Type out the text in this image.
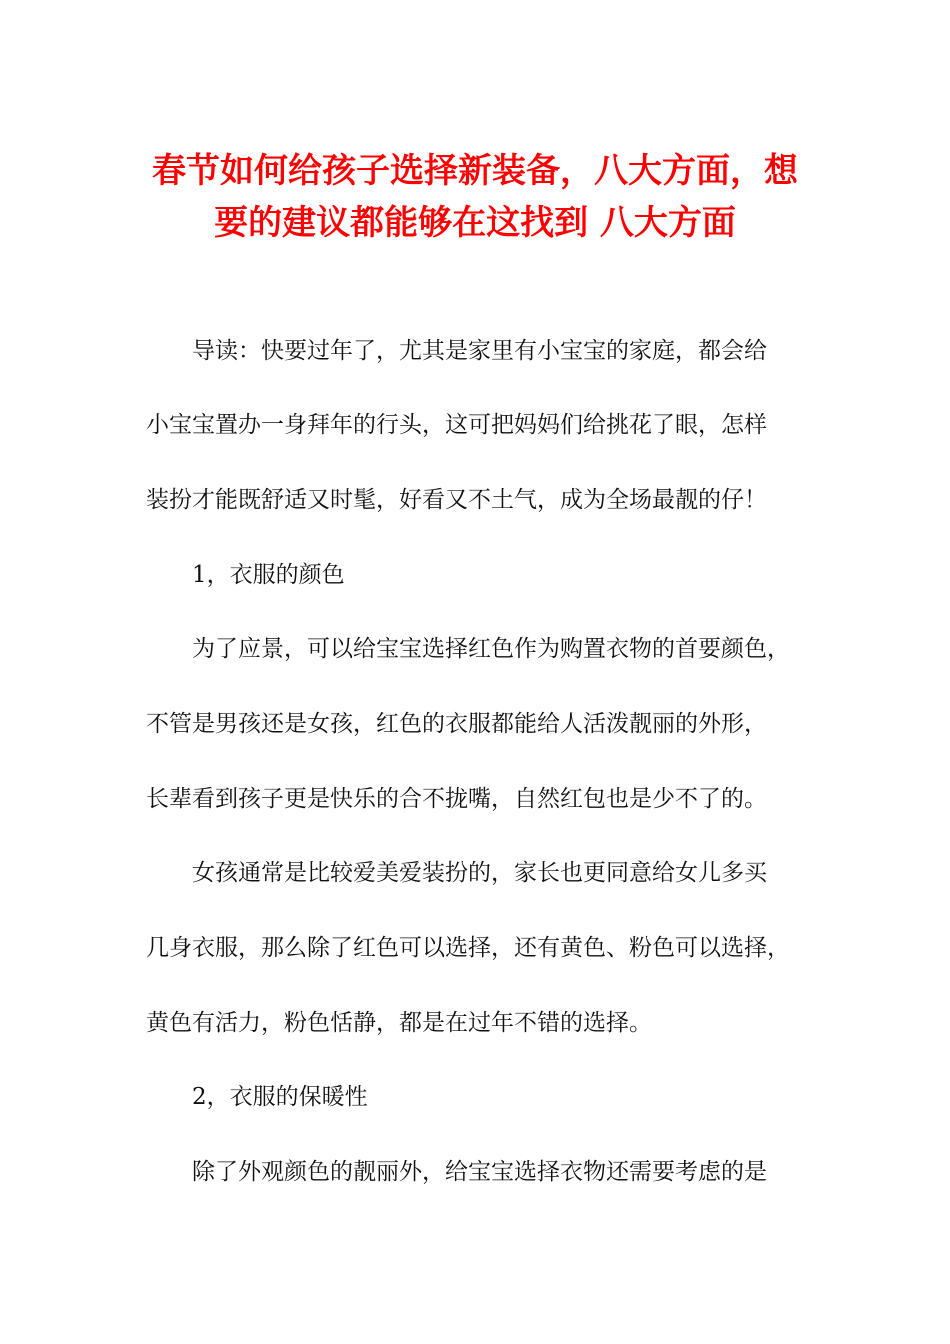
春节如何给孩子选择新装备，八大方面，想
要的建议都能够在这找到 八大方面

导读：快要过年了，尤其是家里有小宝宝的家庭，都会给

小宝宝置办一身拜年的行头，这可把妈妈们给挑花了眼，怎样

装扮才能既舒适又时髦，好看又不土气，成为全场最靓的仔！

1，衣服的颜色

为了应景，可以给宝宝选择红色作为购置衣物的首要颜色，

不管是男孩还是女孩，红色的衣服都能给人活泼靓丽的外形，

长辈看到孩子更是快乐的合不拢嘴，自然红包也是少不了的。

女孩通常是比较爱美爱装扮的，家长也更同意给女儿多买

几身衣服，那么除了红色可以选择，还有黄色、粉色可以选择，

黄色有活力，粉色恬静，都是在过年不错的选择。

2，衣服的保暖性

除了外观颜色的靓丽外，给宝宝选择衣物还需要考虑的是
